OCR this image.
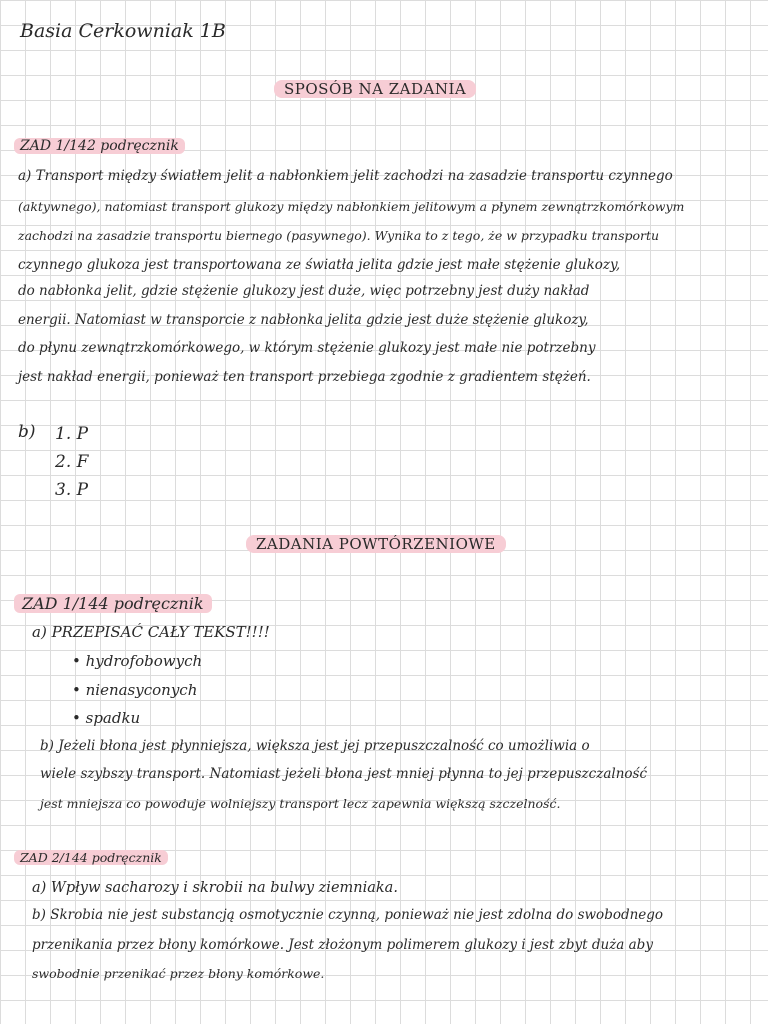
Basia Cerkowniak 1B
SPOSÓB NA ZADANIA
ZAD 1/142 podręcznik
a) Transport między światłem jelit a nabłonkiem jelit zachodzi na zasadzie transportu czynnego
(aktywnego), natomiast transport glukozy między nabłonkiem jelitowym a płynem zewnątrzkomórkowym
zachodzi na zasadzie transportu biernego (pasywnego). Wynika to z tego, że w przypadku transportu
czynnego glukoza jest transportowana ze światła jelita gdzie jest małe stężenie glukozy,
do nabłonka jelit, gdzie stężenie glukozy jest duże, więc potrzebny jest duży nakład
energii. Natomiast w transporcie z nabłonka jelita gdzie jest duże stężenie glukozy,
do płynu zewnątrzkomórkowego, w którym stężenie glukozy jest małe nie potrzebny
jest nakład energii, ponieważ ten transport przebiega zgodnie z gradientem stężeń.
b) 1. P
2. F
3. P
ZADANIA POWTÓRZENIOWE
ZAD 1/144 podręcznik
a) PRZEPISAĆ CAŁY TEKST!!!!
• hydrofobowych
• nienasyconych
• spadku
b) Jeżeli błona jest płynniejsza, większa jest jej przepuszczalność co umożliwia o
wiele szybszy transport. Natomiast jeżeli błona jest mniej płynna to jej przepuszczalność
jest mniejsza co powoduje wolniejszy transport lecz zapewnia większą szczelność.
ZAD 2/144 podręcznik
a) Wpływ sacharozy i skrobii na bulwy ziemniaka.
b) Skrobia nie jest substancją osmotycznie czynną, ponieważ nie jest zdolna do swobodnego
przenikania przez błony komórkowe. Jest złożonym polimerem glukozy i jest zbyt duża aby
swobodnie przenikać przez błony komórkowe.
